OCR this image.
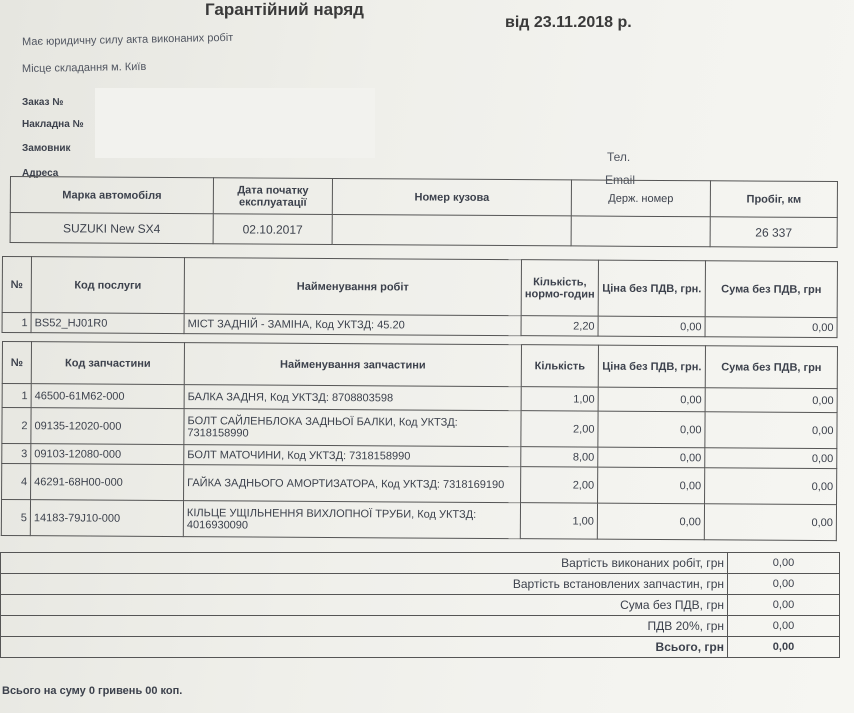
Гарантійний наряд
від 23.11.2018 р.
Має юридичну силу акта виконаних робіт
Місце складання м. Київ
Заказ №
Накладна №
Замовник
Адреса
Тел.
Email
Марка автомобіля	Дата початку експлуатації	Номер кузова	Держ. номер	Пробіг, км
SUZUKI New SX4	02.10.2017			26 337
№	Код послуги	Найменування робіт	Кількість, нормо-годин	Ціна без ПДВ, грн.	Сума без ПДВ, грн
1	BS52_HJ01R0	МІСТ ЗАДНІЙ - ЗАМІНА, Код УКТЗД: 45.20	2,20	0,00	0,00
№	Код запчастини	Найменування запчастини	Кількість	Ціна без ПДВ, грн.	Сума без ПДВ, грн
1	46500-61M62-000	БАЛКА ЗАДНЯ, Код УКТЗД: 8708803598	1,00	0,00	0,00
2	09135-12020-000	БОЛТ САЙЛЕНБЛОКА ЗАДНЬОЇ БАЛКИ, Код УКТЗД: 7318158990	2,00	0,00	0,00
3	09103-12080-000	БОЛТ МАТОЧИНИ, Код УКТЗД: 7318158990	8,00	0,00	0,00
4	46291-68H00-000	ГАЙКА ЗАДНЬОГО АМОРТИЗАТОРА, Код УКТЗД: 7318169190	2,00	0,00	0,00
5	14183-79J10-000	КІЛЬЦЕ УЩІЛЬНЕННЯ ВИХЛОПНОЇ ТРУБИ, Код УКТЗД: 4016930090	1,00	0,00	0,00
Вартість виконаних робіт, грн	0,00
Вартість встановлених запчастин, грн	0,00
Сума без ПДВ, грн	0,00
ПДВ 20%, грн	0,00
Всього, грн	0,00
Всього на суму 0 гривень 00 коп.
